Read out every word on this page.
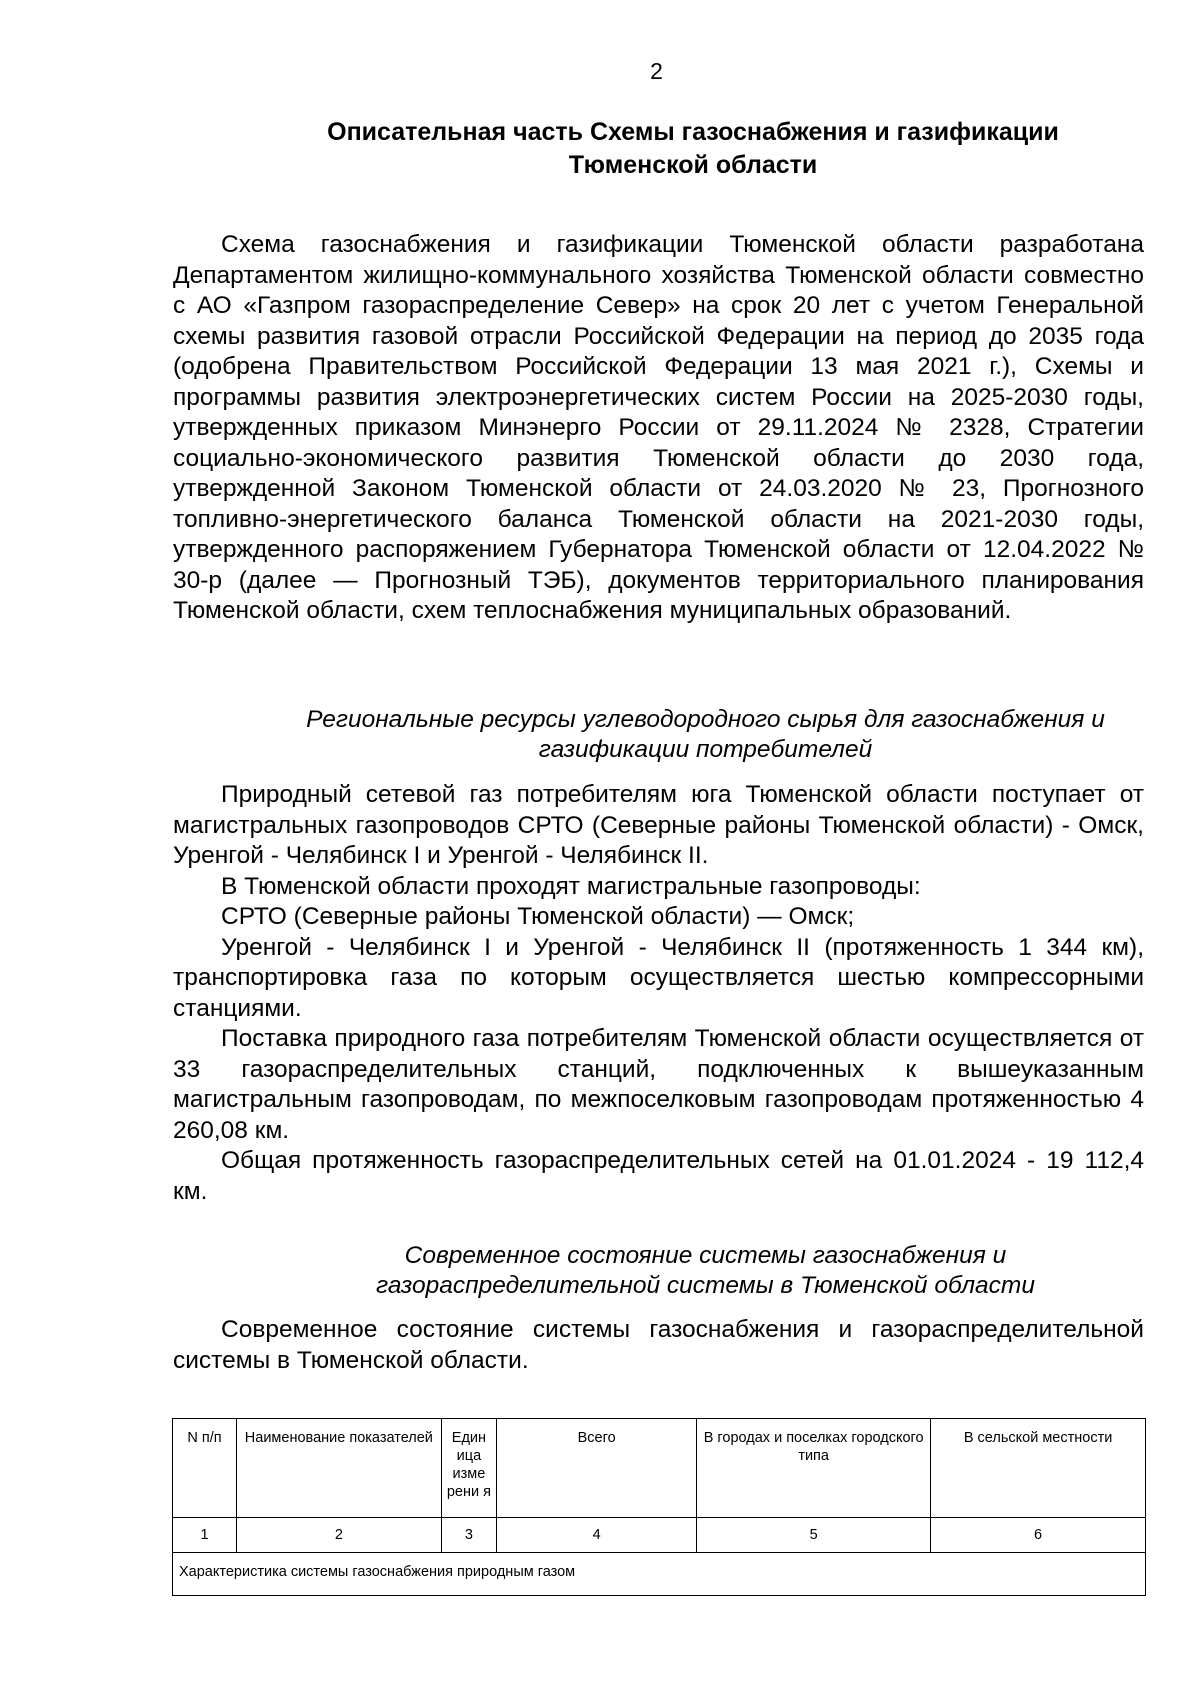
2
Описательная часть Схемы газоснабжения и газификации
Тюменской области

Схема газоснабжения и газификации Тюменской области разработана Департаментом жилищно-коммунального хозяйства Тюменской области совместно с АО «Газпром газораспределение Север» на срок 20 лет с учетом Генеральной схемы развития газовой отрасли Российской Федерации на период до 2035 года (одобрена Правительством Российской Федерации 13 мая 2021 г.), Схемы и программы развития электроэнергетических систем России на 2025-2030 годы, утвержденных приказом Минэнерго России от 29.11.2024 № 2328, Стратегии социально-экономического развития Тюменской области до 2030 года, утвержденной Законом Тюменской области от 24.03.2020 № 23, Прогнозного топливно-энергетического баланса Тюменской области на 2021-2030 годы, утвержденного распоряжением Губернатора Тюменской области от 12.04.2022 № 30-р (далее — Прогнозный ТЭБ), документов территориального планирования Тюменской области, схем теплоснабжения муниципальных образований.

Региональные ресурсы углеводородного сырья для газоснабжения и
газификации потребителей

Природный сетевой газ потребителям юга Тюменской области поступает от магистральных газопроводов СРТО (Северные районы Тюменской области) - Омск, Уренгой - Челябинск I и Уренгой - Челябинск II.

В Тюменской области проходят магистральные газопроводы:

СРТО (Северные районы Тюменской области) — Омск;

Уренгой - Челябинск I и Уренгой - Челябинск II (протяженность 1 344 км), транспортировка газа по которым осуществляется шестью компрессорными станциями.

Поставка природного газа потребителям Тюменской области осуществляется от 33 газораспределительных станций, подключенных к вышеуказанным магистральным газопроводам, по межпоселковым газопроводам протяженностью 4 260,08 км.

Общая протяженность газораспределительных сетей на 01.01.2024 - 19 112,4 км.

Современное состояние системы газоснабжения и
газораспределительной системы в Тюменской области

Современное состояние системы газоснабжения и газораспределительной системы в Тюменской области.

N п/п	Наименование показателей	Един ица изме рени я	Всего	В городах и поселках городского типа	В сельской местности
1	2	3	4	5	6
Характеристика системы газоснабжения природным газом					
